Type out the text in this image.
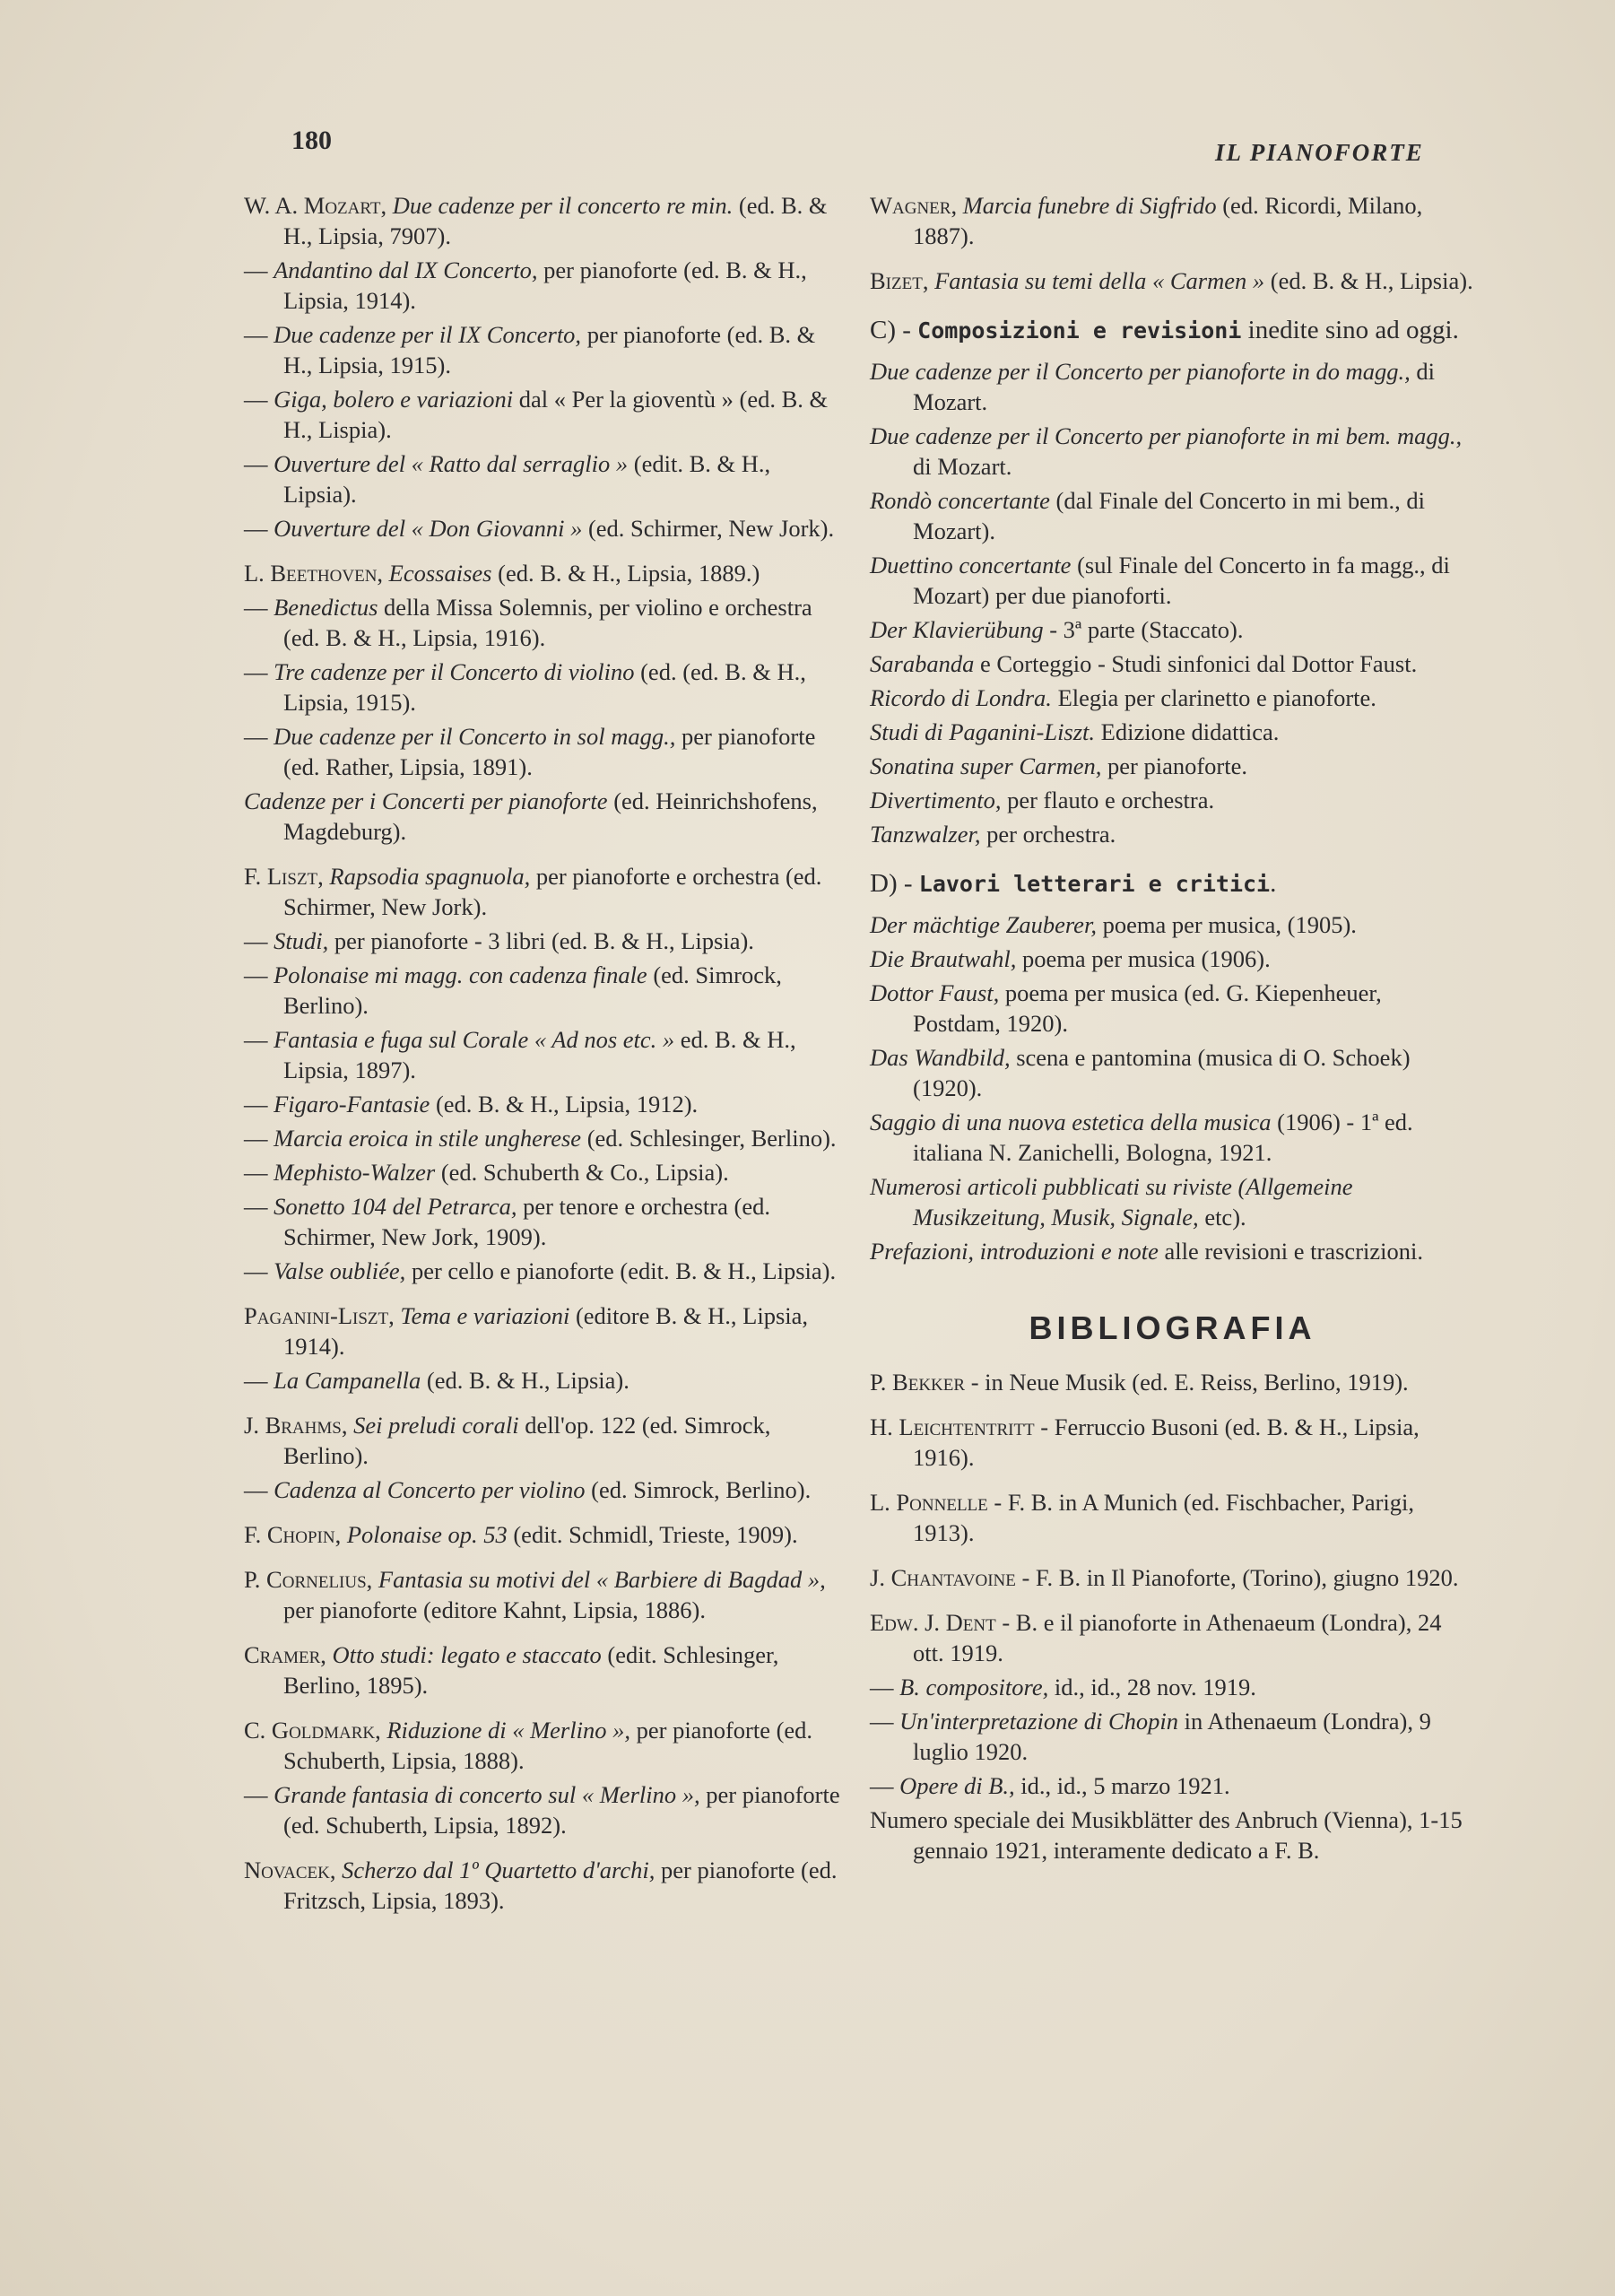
180	IL PIANOFORTE
W. A. Mozart, Due cadenze per il concerto re min. (ed. B. & H., Lipsia, 7907).
— Andantino dal IX Concerto, per pianoforte (ed. B. & H., Lipsia, 1914).
— Due cadenze per il IX Concerto, per pianoforte (ed. B. & H., Lipsia, 1915).
— Giga, bolero e variazioni dal « Per la gioventù » (ed. B. & H., Lispia).
— Ouverture del « Ratto dal serraglio » (edit. B. & H., Lipsia).
— Ouverture del « Don Giovanni » (ed. Schirmer, New Jork).
L. Beethoven, Ecossaises (ed. B. & H., Lipsia, 1889.)
— Benedictus della Missa Solemnis, per violino e orchestra (ed. B. & H., Lipsia, 1916).
— Tre cadenze per il Concerto di violino (ed. (ed. B. & H., Lipsia, 1915).
— Due cadenze per il Concerto in sol magg., per pianoforte (ed. Rather, Lipsia, 1891).
Cadenze per i Concerti per pianoforte (ed. Heinrichshofens, Magdeburg).
F. Liszt, Rapsodia spagnuola, per pianoforte e orchestra (ed. Schirmer, New Jork).
— Studi, per pianoforte - 3 libri (ed. B. & H., Lipsia).
— Polonaise mi magg. con cadenza finale (ed. Simrock, Berlino).
— Fantasia e fuga sul Corale « Ad nos etc. » ed. B. & H., Lipsia, 1897).
— Figaro-Fantasie (ed. B. & H., Lipsia, 1912).
— Marcia eroica in stile ungherese (ed. Schlesinger, Berlino).
— Mephisto-Walzer (ed. Schuberth & Co., Lipsia).
— Sonetto 104 del Petrarca, per tenore e orchestra (ed. Schirmer, New Jork, 1909).
— Valse oubliée, per cello e pianoforte (edit. B. & H., Lipsia).
Paganini-Liszt, Tema e variazioni (editore B. & H., Lipsia, 1914).
— La Campanella (ed. B. & H., Lipsia).
J. Brahms, Sei preludi corali dell'op. 122 (ed. Simrock, Berlino).
— Cadenza al Concerto per violino (ed. Simrock, Berlino).
F. Chopin, Polonaise op. 53 (edit. Schmidl, Trieste, 1909).
P. Cornelius, Fantasia su motivi del « Barbiere di Bagdad », per pianoforte (editore Kahnt, Lipsia, 1886).
Cramer, Otto studi: legato e staccato (edit. Schlesinger, Berlino, 1895).
C. Goldmark, Riduzione di « Merlino », per pianoforte (ed. Schuberth, Lipsia, 1888).
— Grande fantasia di concerto sul « Merlino », per pianoforte (ed. Schuberth, Lipsia, 1892).
Novacek, Scherzo dal 1º Quartetto d'archi, per pianoforte (ed. Fritzsch, Lipsia, 1893).
Wagner, Marcia funebre di Sigfrido (ed. Ricordi, Milano, 1887).
Bizet, Fantasia su temi della « Carmen » (ed. B. & H., Lipsia).
C) - Composizioni e revisioni inedite sino ad oggi.
Due cadenze per il Concerto per pianoforte in do magg., di Mozart.
Due cadenze per il Concerto per pianoforte in mi bem. magg., di Mozart.
Rondò concertante (dal Finale del Concerto in mi bem., di Mozart).
Duettino concertante (sul Finale del Concerto in fa magg., di Mozart) per due pianoforti.
Der Klavierübung - 3ª parte (Staccato).
Sarabanda e Corteggio - Studi sinfonici dal Dottor Faust.
Ricordo di Londra. Elegia per clarinetto e pianoforte.
Studi di Paganini-Liszt. Edizione didattica.
Sonatina super Carmen, per pianoforte.
Divertimento, per flauto e orchestra.
Tanzwalzer, per orchestra.
D) - Lavori letterari e critici.
Der mächtige Zauberer, poema per musica, (1905).
Die Brautwahl, poema per musica (1906).
Dottor Faust, poema per musica (ed. G. Kiepenheuer, Postdam, 1920).
Das Wandbild, scena e pantomina (musica di O. Schoek) (1920).
Saggio di una nuova estetica della musica (1906) - 1ª ed. italiana N. Zanichelli, Bologna, 1921.
Numerosi articoli pubblicati su riviste (Allgemeine Musikzeitung, Musik, Signale, etc).
Prefazioni, introduzioni e note alle revisioni e trascrizioni.
BIBLIOGRAFIA
P. Bekker - in Neue Musik (ed. E. Reiss, Berlino, 1919).
H. Leichtentritt - Ferruccio Busoni (ed. B. & H., Lipsia, 1916).
L. Ponnelle - F. B. in A Munich (ed. Fischbacher, Parigi, 1913).
J. Chantavoine - F. B. in Il Pianoforte, (Torino), giugno 1920.
Edw. J. Dent - B. e il pianoforte in Athenaeum (Londra), 24 ott. 1919.
— B. compositore, id., id., 28 nov. 1919.
— Un'interpretazione di Chopin in Athenaeum (Londra), 9 luglio 1920.
— Opere di B., id., id., 5 marzo 1921.
Numero speciale dei Musikblätter des Anbruch (Vienna), 1-15 gennaio 1921, interamente dedicato a F. B.
